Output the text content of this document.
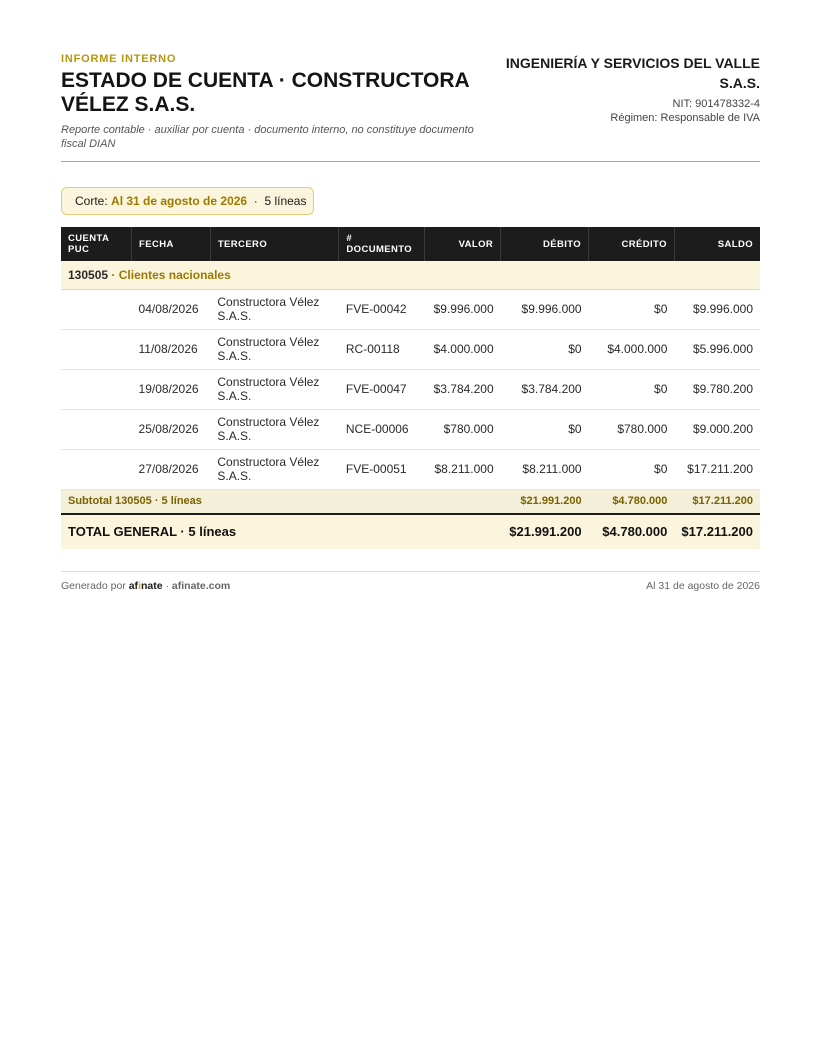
INFORME INTERNO
ESTADO DE CUENTA · CONSTRUCTORA VÉLEZ S.A.S.
Reporte contable · auxiliar por cuenta · documento interno, no constituye documento fiscal DIAN
INGENIERÍA Y SERVICIOS DEL VALLE S.A.S.
NIT: 901478332-4
Régimen: Responsable de IVA
Corte: Al 31 de agosto de 2026 · 5 líneas
CUENTA PUC	FECHA	TERCERO	# DOCUMENTO	VALOR	DÉBITO	CRÉDITO	SALDO
130505 · Clientes nacionales							
	04/08/2026	Constructora Vélez S.A.S.	FVE-00042	$9.996.000	$9.996.000	$0	$9.996.000
	11/08/2026	Constructora Vélez S.A.S.	RC-00118	$4.000.000	$0	$4.000.000	$5.996.000
	19/08/2026	Constructora Vélez S.A.S.	FVE-00047	$3.784.200	$3.784.200	$0	$9.780.200
	25/08/2026	Constructora Vélez S.A.S.	NCE-00006	$780.000	$0	$780.000	$9.000.200
	27/08/2026	Constructora Vélez S.A.S.	FVE-00051	$8.211.000	$8.211.000	$0	$17.211.200
Subtotal 130505 · 5 líneas					$21.991.200	$4.780.000	$17.211.200
TOTAL GENERAL · 5 líneas					$21.991.200	$4.780.000	$17.211.200
Generado por afinate · afinate.com	Al 31 de agosto de 2026
